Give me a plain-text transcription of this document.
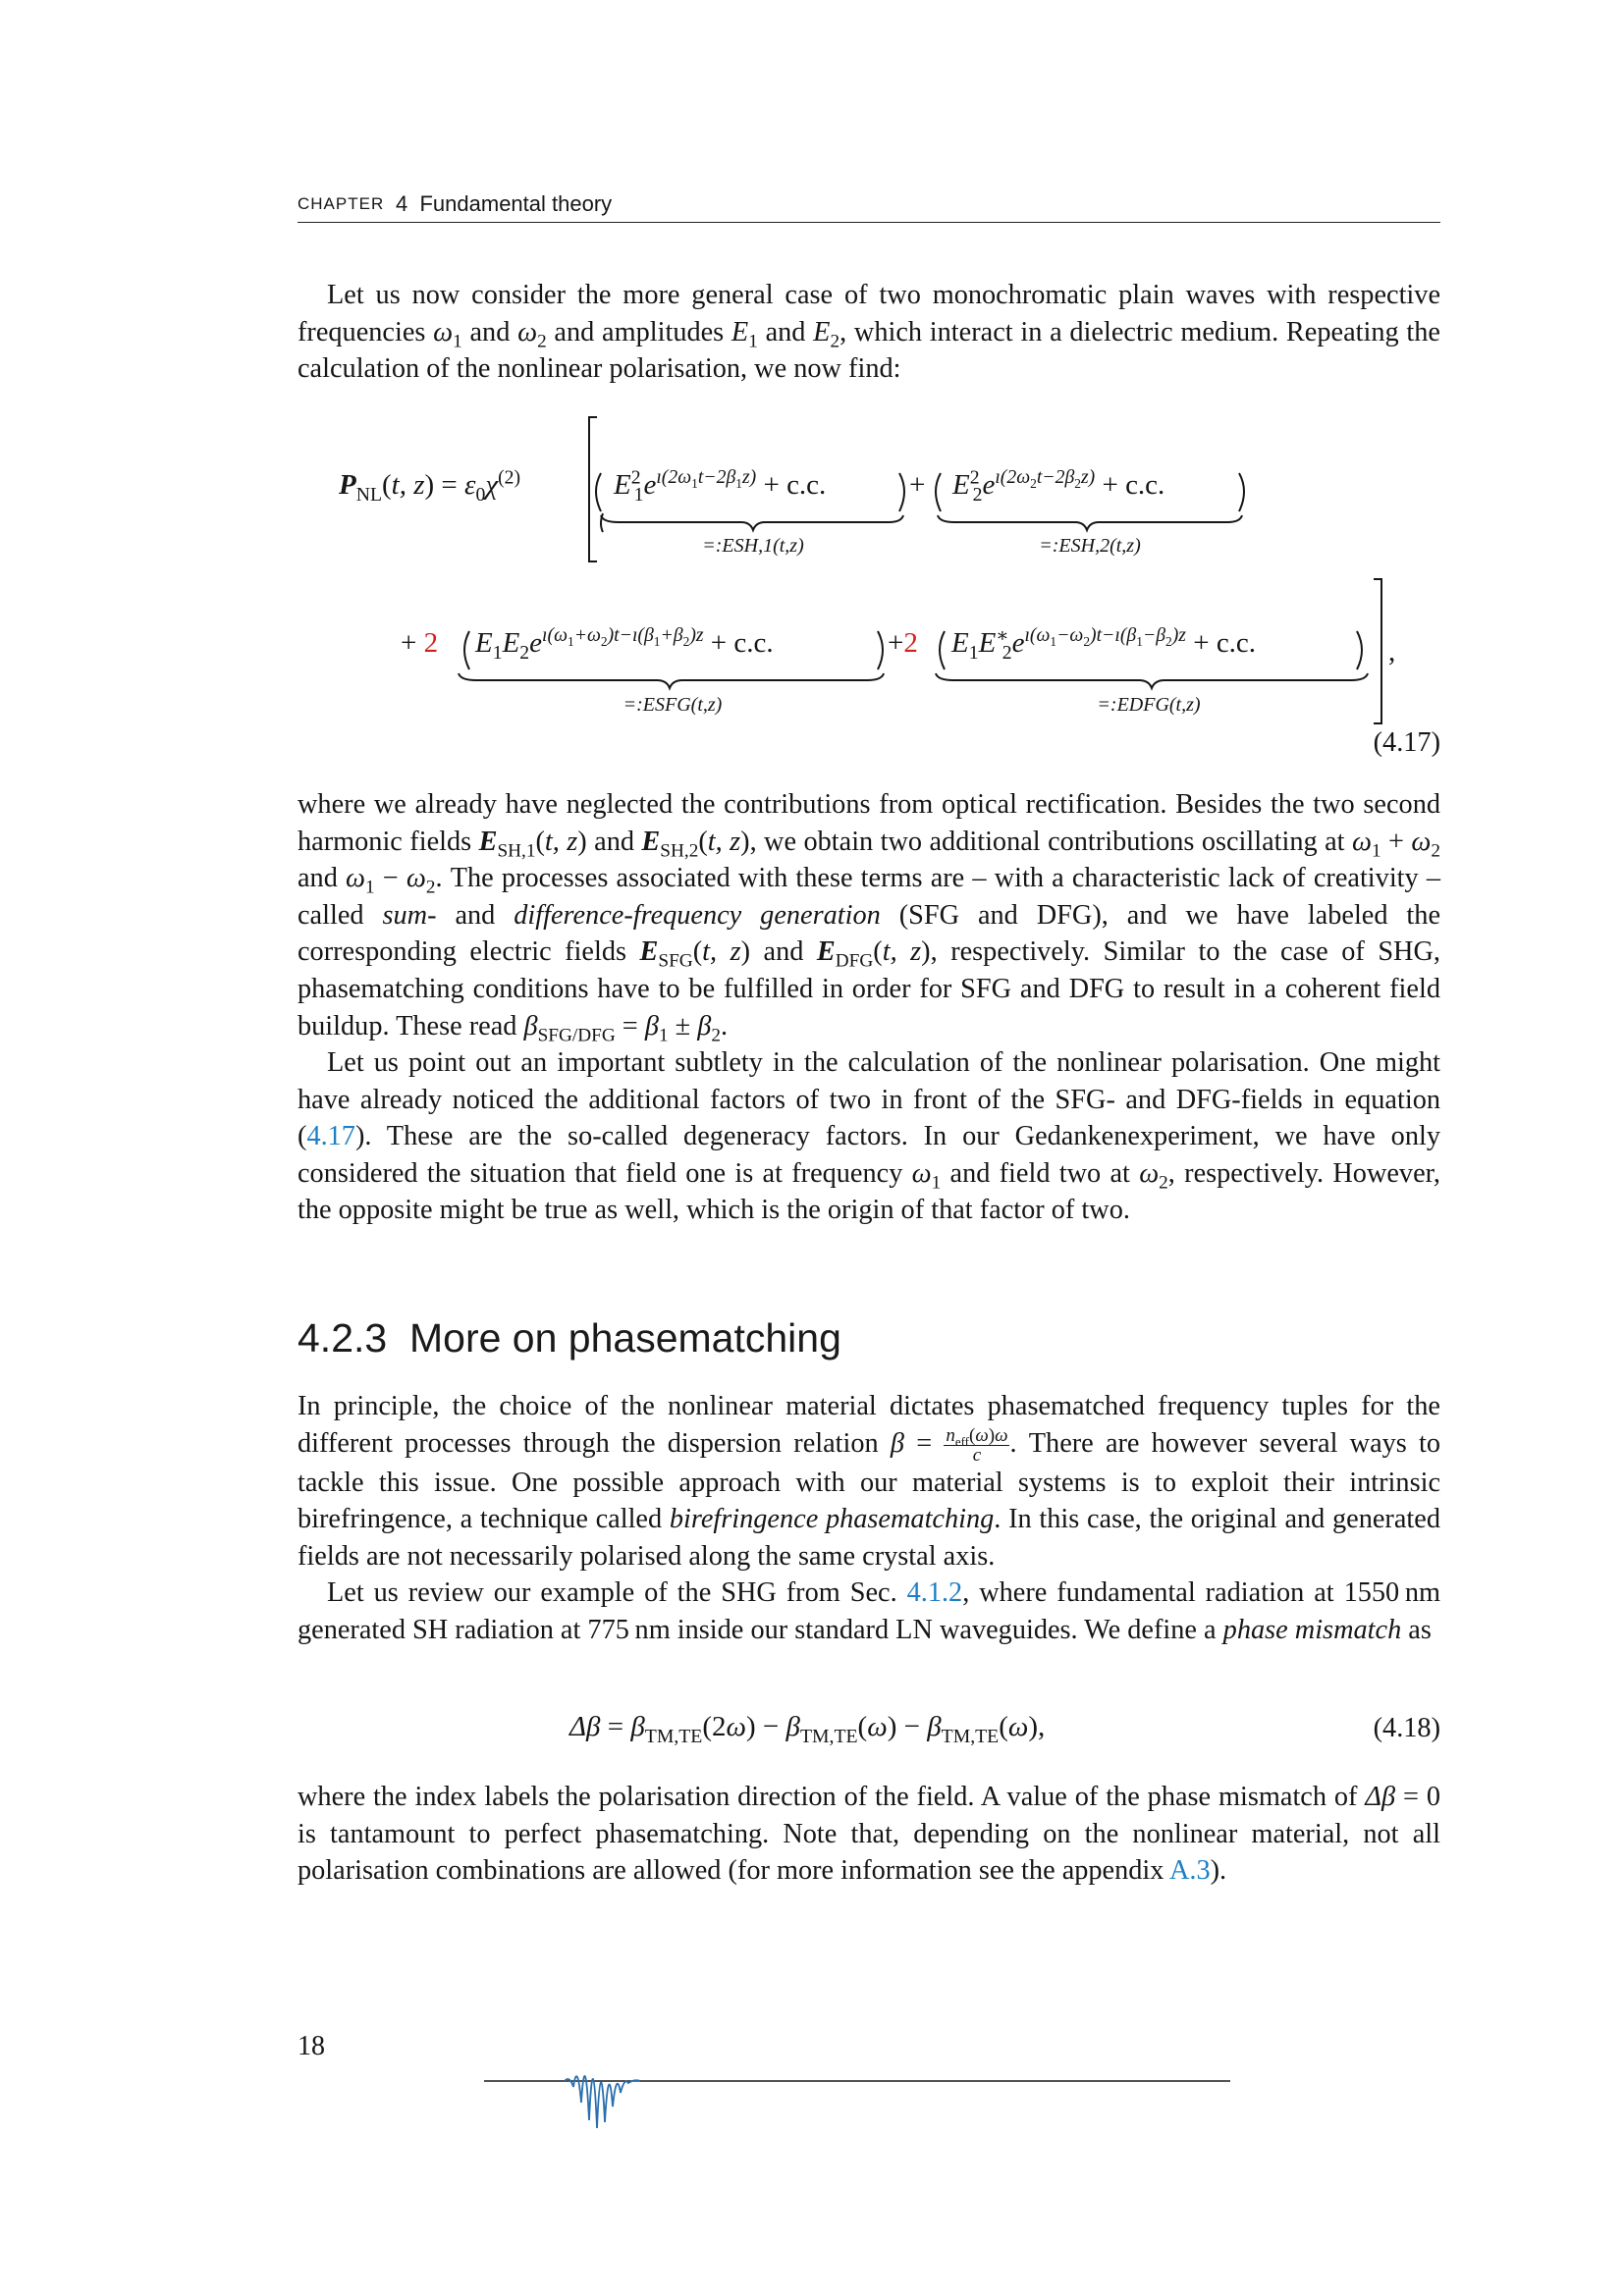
CHAPTER 4 Fundamental theory

Let us now consider the more general case of two monochromatic plain waves with respective frequencies $\omega_1$ and $\omega_2$ and amplitudes $E_1$ and $E_2$, which interact in a dielectric medium. Repeating the calculation of the nonlinear polarisation, we now find:

$P_{NL}(t$, $z) = \varepsilon_0\chi^{(2)}$	$E^2_1e^{ı(2\omega_1t-2\beta_1z)} + c.c$.	+ $E^2_2e^{ı(2\omega_2t-2\beta_2z)} + c.c$.
=:ESH,1(t,z)	=:ESH,2(t,z)
+ 2 $E_1E_2e^{ı(\omega_1+\omega_2)t-ı(\beta_1+\beta_2)z} + c.c$.	+2 $E_1E^∗_2e^{ı(\omega_1-\omega_2)t-ı(\beta_1-\beta_2)z} + c.c$.	,
=:ESFG(t,z)	=:EDFG(t,z)
(4.17)

where we already have neglected the contributions from optical rectification. Besides the two second harmonic fields $E_{SH,1}(t$, z) and $E_{SH,2}(t$, z), we obtain two additional contributions oscillating at $\omega_1 + \omega_2$ and $\omega_1 - \omega_2$. The processes associated with these terms are – with a characteristic lack of creativity – called sum- and difference-frequency generation (SFG and DFG), and we have labeled the corresponding electric fields $E_{SFG}(t$, z) and $E_{DFG}(t$, z), respectively. Similar to the case of SHG, phasematching conditions have to be fulfilled in order for SFG and DFG to result in a coherent field buildup. These read $\beta_{SFG/DFG} = \beta_1 \pm \beta_2$.

Let us point out an important subtlety in the calculation of the nonlinear polarisation. One might have already noticed the additional factors of two in front of the SFG- and DFG-fields in equation (4.17). These are the so-called degeneracy factors. In our Gedankenexperiment, we have only considered the situation that field one is at frequency $\omega_1$ and field two at $\omega_2$, respectively. However, the opposite might be true as well, which is the origin of that factor of two.

4.2.3 More on phasematching

In principle, the choice of the nonlinear material dictates phasematched frequency tuples for the different processes through the dispersion relation $\beta = \frac{n_{eff}(\omega)\omega}{c}$ . There are however several ways to tackle this issue. One possible approach with our material systems is to exploit their intrinsic birefringence, a technique called birefringence phasematching. In this case, the original and generated fields are not necessarily polarised along the same crystal axis.

Let us review our example of the SHG from Sec. 4.1.2, where fundamental radiation at 1550 nm generated SH radiation at 775 nm inside our standard LN waveguides. We define a phase mismatch as

$\Delta\beta = \beta_{TM,TE}(2\omega) - \beta_{TM,TE}(\omega) - \beta_{TM,TE}(\omega)$,	(4.18)

where the index labels the polarisation direction of the field. A value of the phase mismatch of Δβ = 0 is tantamount to perfect phasematching. Note that, depending on the nonlinear material, not all polarisation combinations are allowed (for more information see the appendix A.3).

18
